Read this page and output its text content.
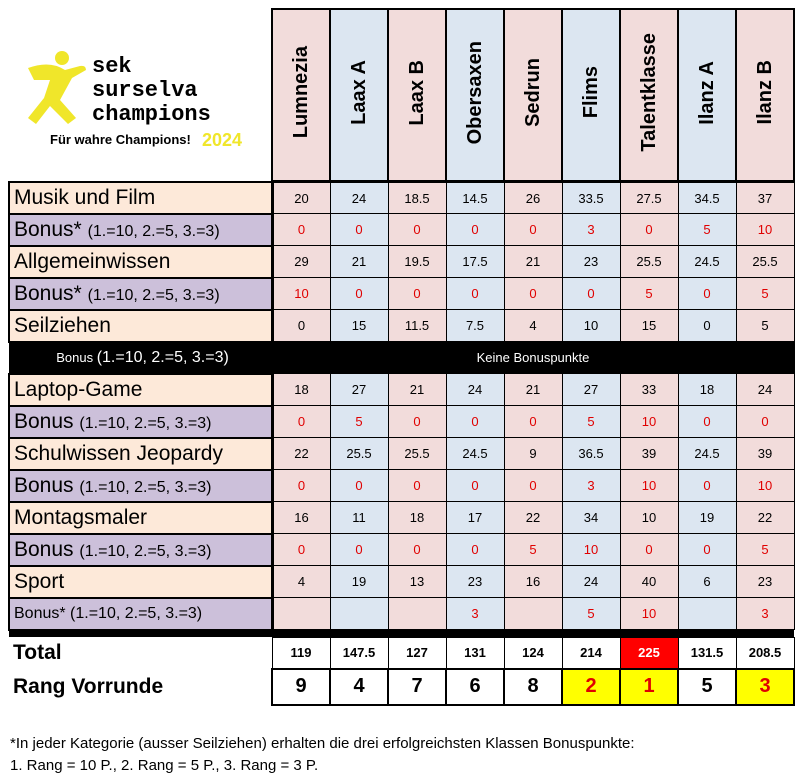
sek
surselva
champions
Für wahre Champions! 2024
	Lumnezia	Laax A	Laax B	Obersaxen	Sedrun	Flims	Talentklasse	Ilanz A	Ilanz B
Musik und Film	20	24	18.5	14.5	26	33.5	27.5	34.5	37
Bonus* (1.=10, 2.=5, 3.=3)	0	0	0	0	0	3	0	5	10
Allgemeinwissen	29	21	19.5	17.5	21	23	25.5	24.5	25.5
Bonus* (1.=10, 2.=5, 3.=3)	10	0	0	0	0	0	5	0	5
Seilziehen	0	15	11.5	7.5	4	10	15	0	5
Bonus (1.=10, 2.=5, 3.=3)	Keine Bonuspunkte								
Laptop-Game	18	27	21	24	21	27	33	18	24
Bonus (1.=10, 2.=5, 3.=3)	0	5	0	0	0	5	10	0	0
Schulwissen Jeopardy	22	25.5	25.5	24.5	9	36.5	39	24.5	39
Bonus (1.=10, 2.=5, 3.=3)	0	0	0	0	0	3	10	0	10
Montagsmaler	16	11	18	17	22	34	10	19	22
Bonus (1.=10, 2.=5, 3.=3)	0	0	0	0	5	10	0	0	5
Sport	4	19	13	23	16	24	40	6	23
Bonus* (1.=10, 2.=5, 3.=3)				3		5	10		3

Total	119	147.5	127	131	124	214	225	131.5	208.5
Rang Vorrunde	9	4	7	6	8	2	1	5	3
*In jeder Kategorie (ausser Seilziehen) erhalten die drei erfolgreichsten Klassen Bonuspunkte:
1. Rang = 10 P., 2. Rang = 5 P., 3. Rang = 3 P.
